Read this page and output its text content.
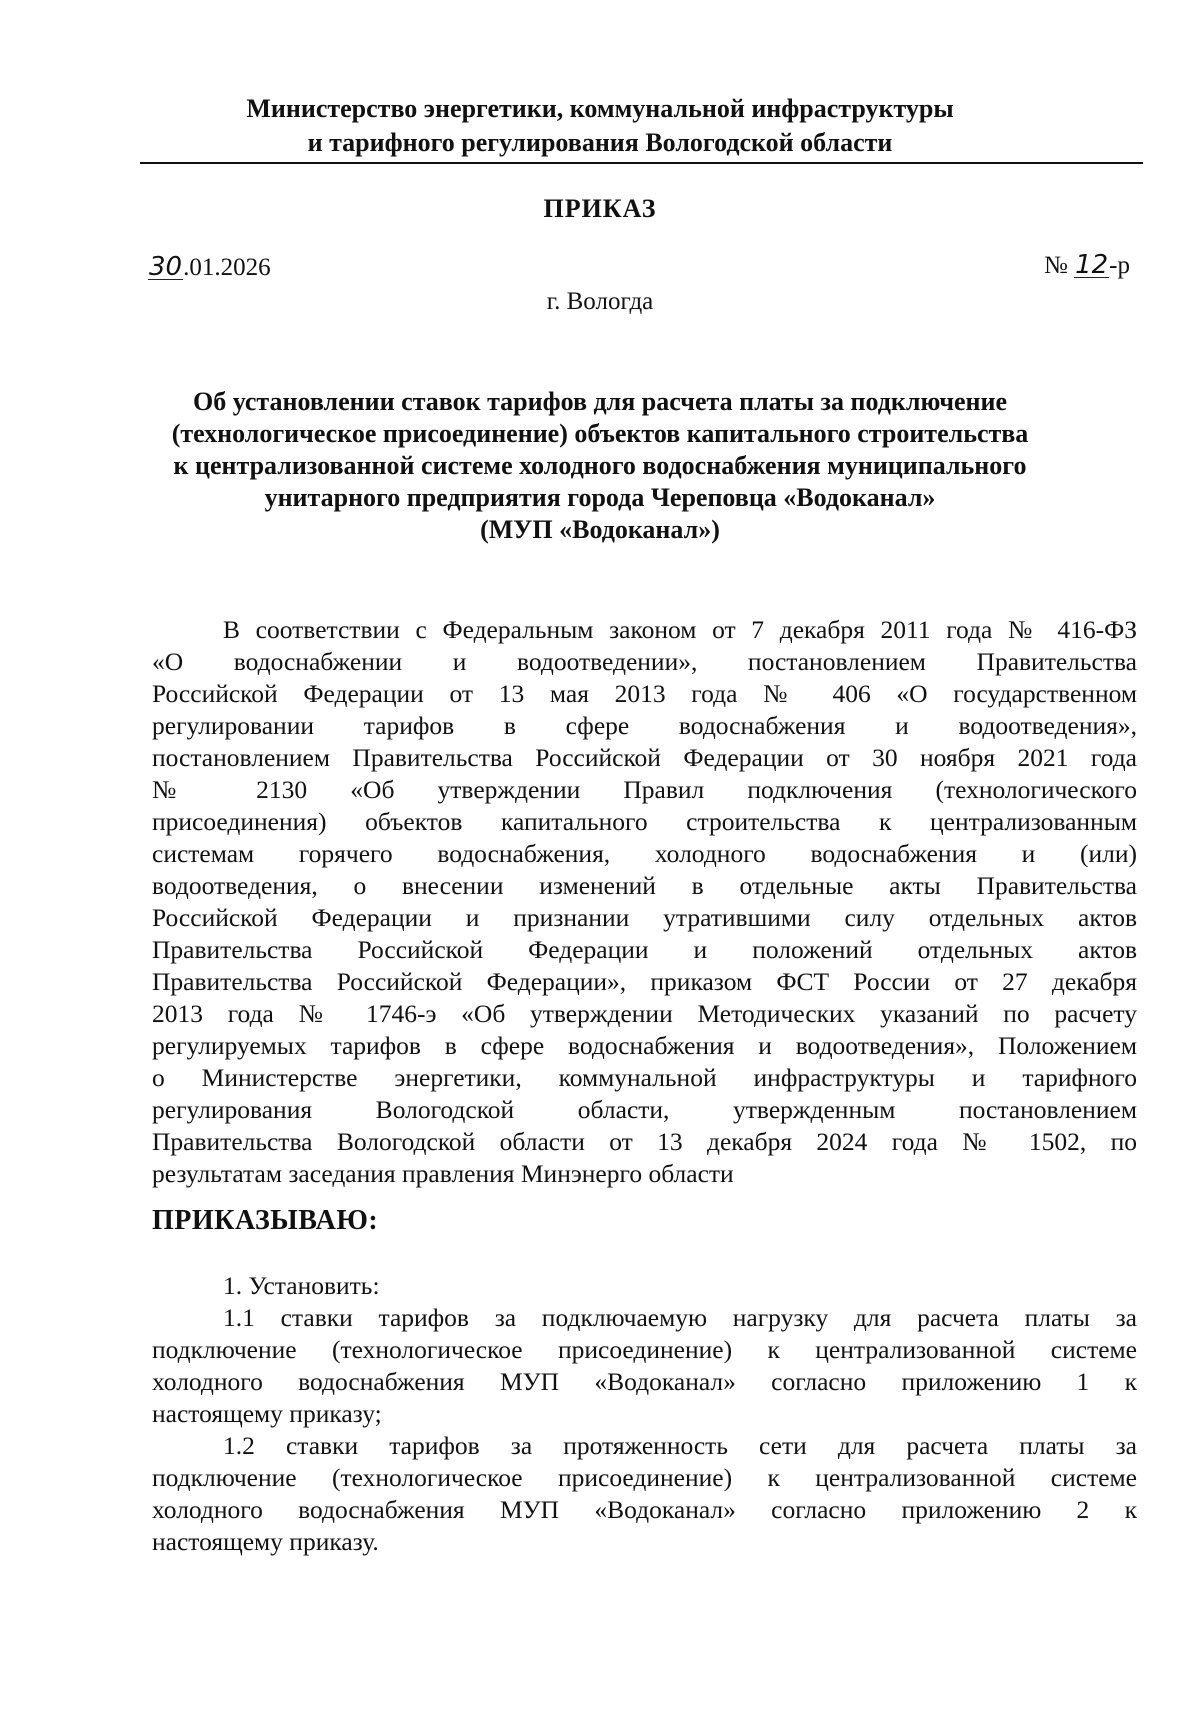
Министерство энергетики, коммунальной инфраструктуры
и тарифного регулирования Вологодской области
ПРИКАЗ
30.01.2026	№ 12-р
г. Вологда
Об установлении ставок тарифов для расчета платы за подключение
(технологическое присоединение) объектов капитального строительства
к централизованной системе холодного водоснабжения муниципального
унитарного предприятия города Череповца «Водоканал»
(МУП «Водоканал»)
В соответствии с Федеральным законом от 7 декабря 2011 года № 416-ФЗ
«О водоснабжении и водоотведении», постановлением Правительства
Российской Федерации от 13 мая 2013 года № 406 «О государственном
регулировании тарифов в сфере водоснабжения и водоотведения»,
постановлением Правительства Российской Федерации от 30 ноября 2021 года
№ 2130 «Об утверждении Правил подключения (технологического
присоединения) объектов капитального строительства к централизованным
системам горячего водоснабжения, холодного водоснабжения и (или)
водоотведения, о внесении изменений в отдельные акты Правительства
Российской Федерации и признании утратившими силу отдельных актов
Правительства Российской Федерации и положений отдельных актов
Правительства Российской Федерации», приказом ФСТ России от 27 декабря
2013 года № 1746-э «Об утверждении Методических указаний по расчету
регулируемых тарифов в сфере водоснабжения и водоотведения», Положением
о Министерстве энергетики, коммунальной инфраструктуры и тарифного
регулирования Вологодской области, утвержденным постановлением
Правительства Вологодской области от 13 декабря 2024 года № 1502, по
результатам заседания правления Минэнерго области
ПРИКАЗЫВАЮ:
1. Установить:
1.1 ставки тарифов за подключаемую нагрузку для расчета платы за
подключение (технологическое присоединение) к централизованной системе
холодного водоснабжения МУП «Водоканал» согласно приложению 1 к
настоящему приказу;
1.2 ставки тарифов за протяженность сети для расчета платы за
подключение (технологическое присоединение) к централизованной системе
холодного водоснабжения МУП «Водоканал» согласно приложению 2 к
настоящему приказу.
